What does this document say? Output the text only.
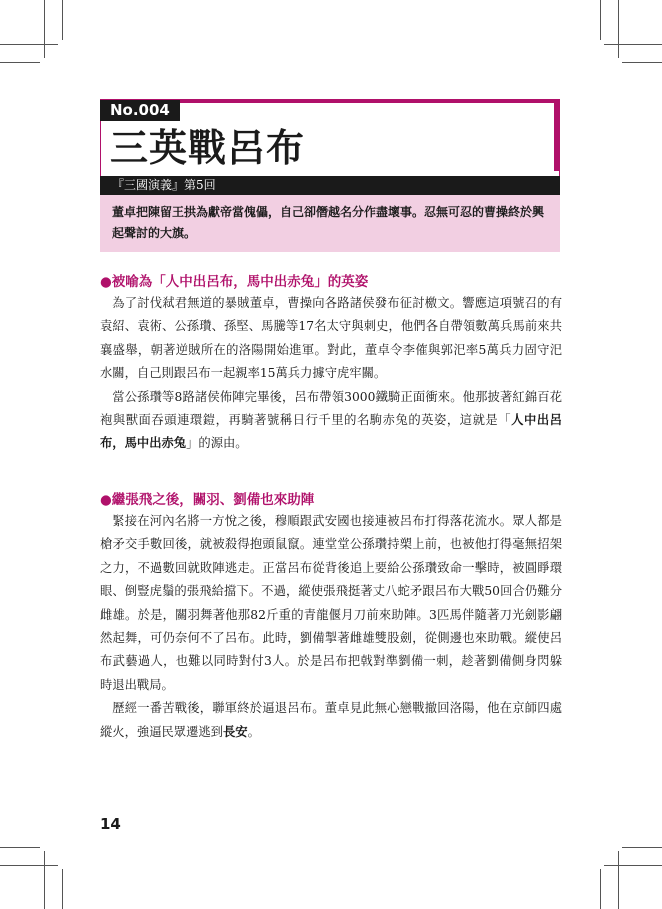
No.004
三英戰呂布
『三國演義』第5回
董卓把陳留王拱為獻帝當傀儡，自己卻僭越名分作盡壞事。忍無可忍的曹操終於興起聲討的大旗。
●被喻為「人中出呂布，馬中出赤兔」的英姿

為了討伐弒君無道的暴賊董卓，曹操向各路諸侯發布征討檄文。響應這項號召的有袁紹、袁術、公孫瓚、孫堅、馬騰等17名太守與刺史，他們各自帶領數萬兵馬前來共襄盛舉，朝著逆賊所在的洛陽開始進軍。對此，董卓令李傕與郭汜率5萬兵力固守汜水關，自己則跟呂布一起親率15萬兵力據守虎牢關。

當公孫瓚等8路諸侯佈陣完畢後，呂布帶領3000鐵騎正面衝來。他那披著紅錦百花袍與獸面吞頭連環鎧，再騎著號稱日行千里的名駒赤兔的英姿，這就是「人中出呂布，馬中出赤兔」的源由。

●繼張飛之後，關羽、劉備也來助陣

緊接在河內名將一方悅之後，穆順跟武安國也接連被呂布打得落花流水。眾人都是槍矛交手數回後，就被殺得抱頭鼠竄。連堂堂公孫瓚持槊上前，也被他打得毫無招架之力，不過數回就敗陣逃走。正當呂布從背後追上要給公孫瓚致命一擊時，被圓睜環眼、倒豎虎鬚的張飛給擋下。不過，縱使張飛挺著丈八蛇矛跟呂布大戰50回合仍難分雌雄。於是，關羽舞著他那82斤重的青龍偃月刀前來助陣。3匹馬伴隨著刀光劍影翩然起舞，可仍奈何不了呂布。此時，劉備掣著雌雄雙股劍，從側邊也來助戰。縱使呂布武藝過人，也難以同時對付3人。於是呂布把戟對準劉備一刺，趁著劉備側身閃躲時退出戰局。

歷經一番苦戰後，聯軍終於逼退呂布。董卓見此無心戀戰撤回洛陽，他在京師四處縱火，強逼民眾遷逃到長安。

14
